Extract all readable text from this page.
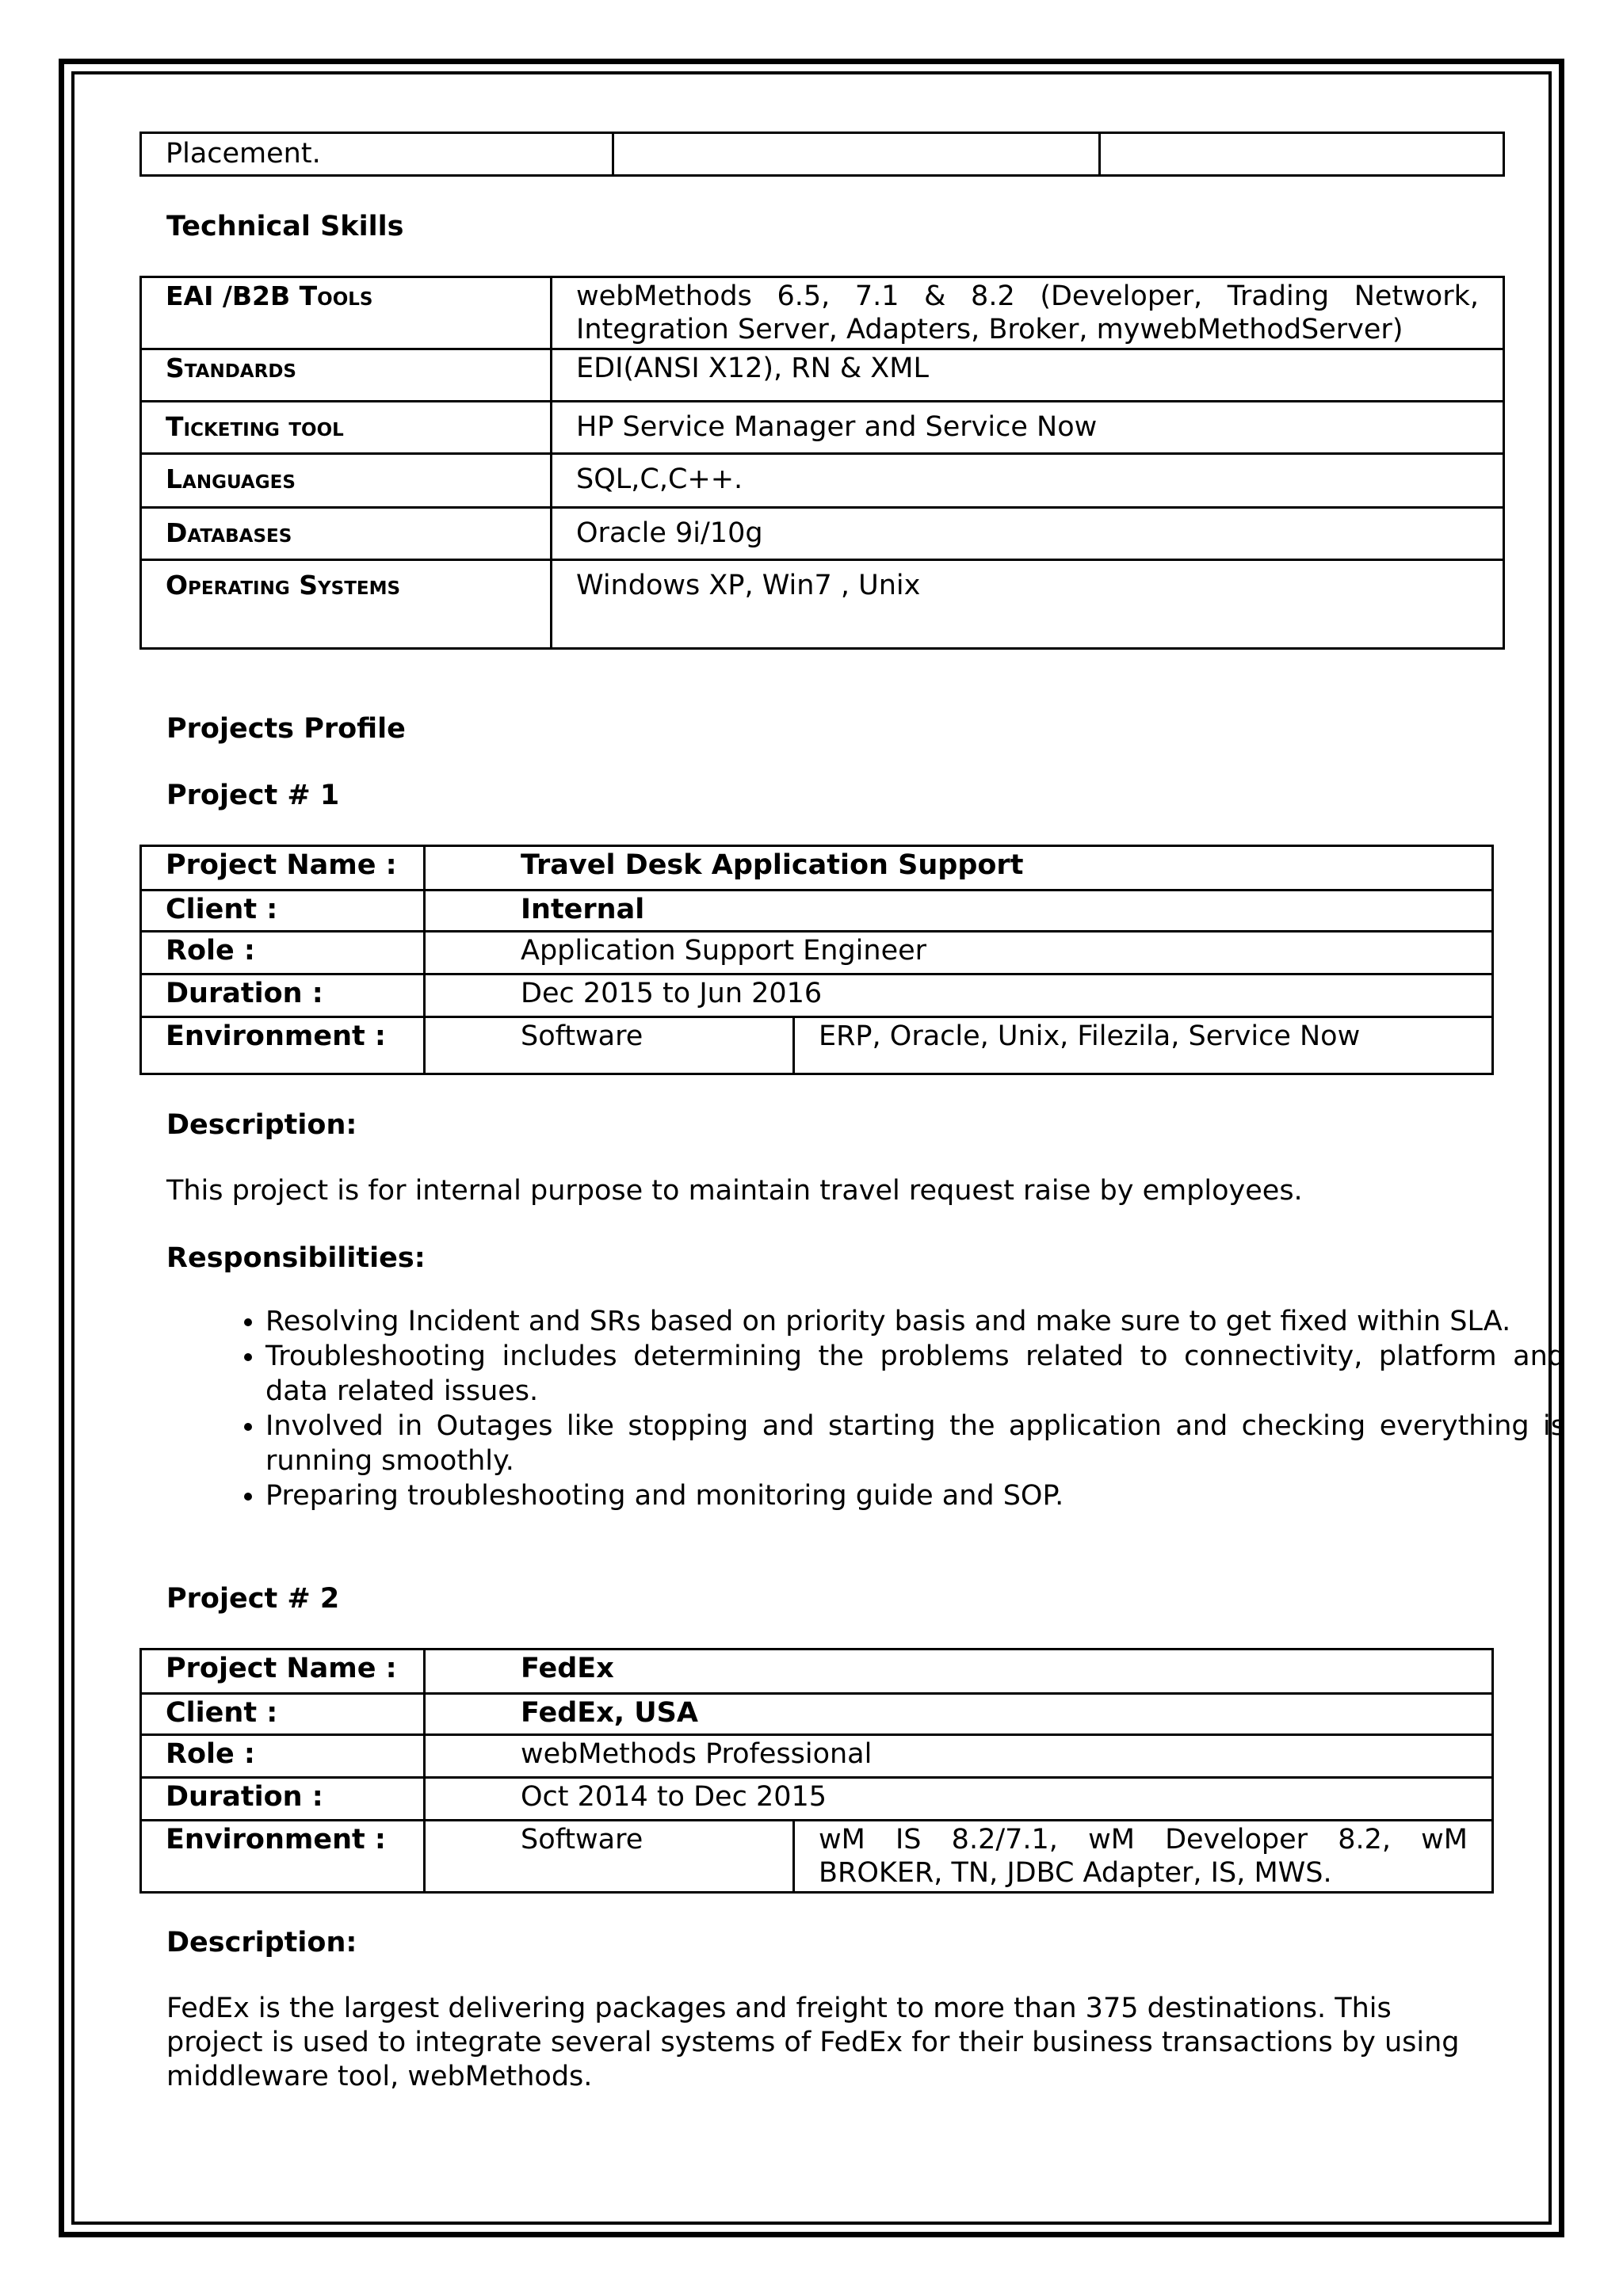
Placement.		
Technical Skills
EAI /B2B Tools	webMethods 6.5, 7.1 & 8.2 (Developer, Trading Network, Integration Server, Adapters, Broker, mywebMethodServer)
Standards	EDI(ANSI X12), RN & XML
Ticketing tool	HP Service Manager and Service Now
Languages	SQL,C,C++.
Databases	Oracle 9i/10g
Operating Systems	Windows XP, Win7 , Unix
Projects Profile
Project # 1
Project Name :	Travel Desk Application Support	
Client :	Internal	
Role :	Application Support Engineer	
Duration :	Dec 2015 to Jun 2016	
Environment :	Software	ERP, Oracle, Unix, Filezila, Service Now
Description:
This project is for internal purpose to maintain travel request raise by employees.
Responsibilities:
• Resolving Incident and SRs based on priority basis and make sure to get fixed within SLA.
• Troubleshooting includes determining the problems related to connectivity, platform and data related issues.
• Involved in Outages like stopping and starting the application and checking everything is running smoothly.
• Preparing troubleshooting and monitoring guide and SOP.
Project # 2
Project Name :	FedEx	
Client :	FedEx, USA	
Role :	webMethods Professional	
Duration :	Oct 2014 to Dec 2015	
Environment :	Software	wM IS 8.2/7.1, wM Developer 8.2, wM BROKER, TN, JDBC Adapter, IS, MWS.
Description:
FedEx is the largest delivering packages and freight to more than 375 destinations. This project is used to integrate several systems of FedEx for their business transactions by using middleware tool, webMethods.
